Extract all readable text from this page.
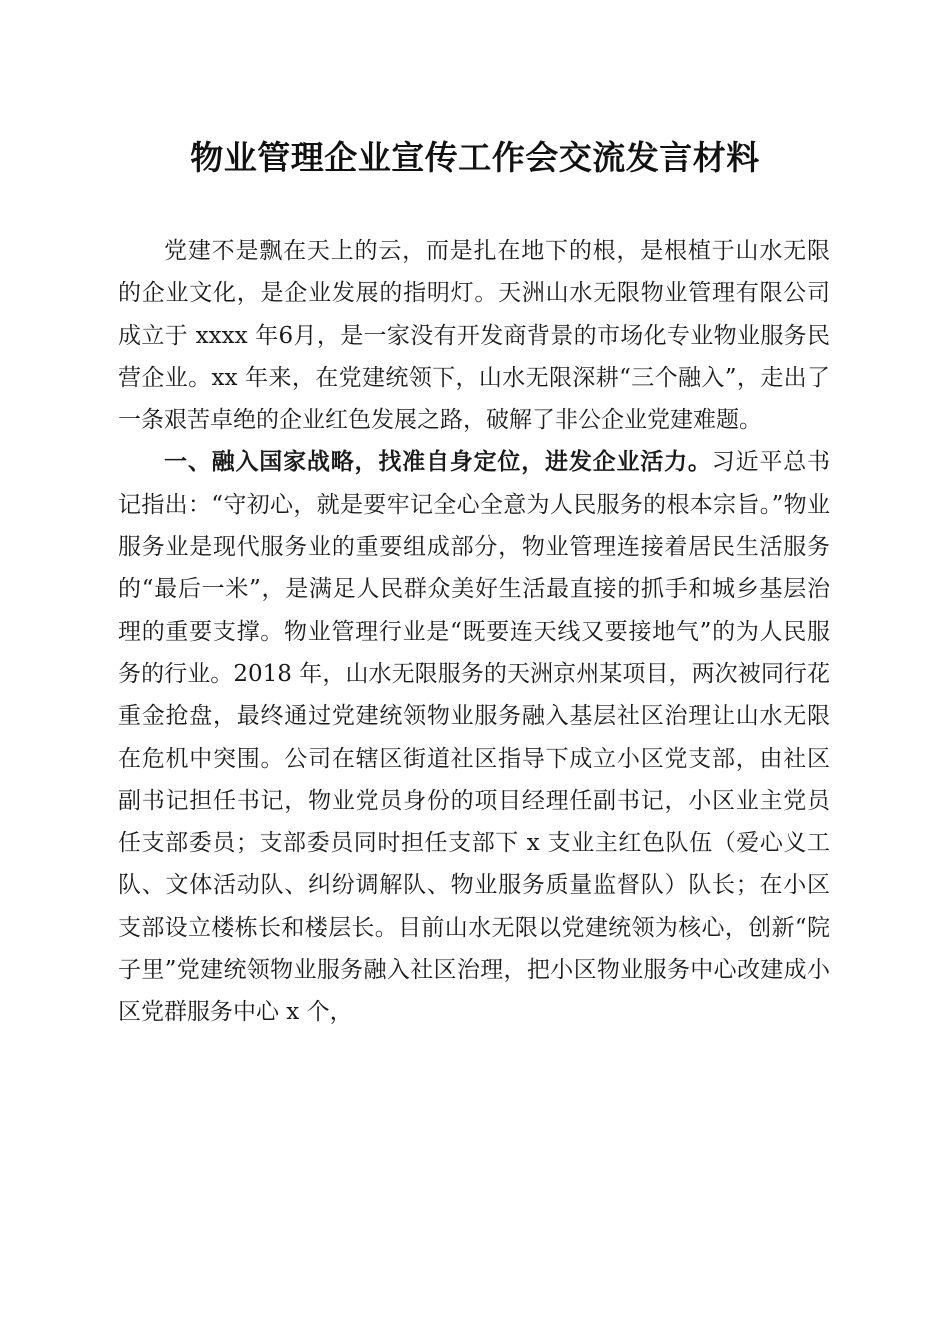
物业管理企业宣传工作会交流发言材料

党建不是飘在天上的云，而是扎在地下的根，是根植于山水无限的企业文化，是企业发展的指明灯。天洲山水无限物业管理有限公司成立于 xxxx 年6月，是一家没有开发商背景的市场化专业物业服务民营企业。xx 年来，在党建统领下，山水无限深耕“三个融入”，走出了一条艰苦卓绝的企业红色发展之路，破解了非公企业党建难题。

一、融入国家战略，找准自身定位，进发企业活力。习近平总书记指出：“守初心，就是要牢记全心全意为人民服务的根本宗旨。”物业服务业是现代服务业的重要组成部分，物业管理连接着居民生活服务的“最后一米”，是满足人民群众美好生活最直接的抓手和城乡基层治理的重要支撑。物业管理行业是“既要连天线又要接地气”的为人民服务的行业。2018 年，山水无限服务的天洲京州某项目，两次被同行花重金抢盘，最终通过党建统领物业服务融入基层社区治理让山水无限在危机中突围。公司在辖区街道社区指导下成立小区党支部，由社区副书记担任书记，物业党员身份的项目经理任副书记，小区业主党员任支部委员；支部委员同时担任支部下 x 支业主红色队伍（爱心义工队、文体活动队、纠纷调解队、物业服务质量监督队）队长；在小区支部设立楼栋长和楼层长。目前山水无限以党建统领为核心，创新“院子里”党建统领物业服务融入社区治理，把小区物业服务中心改建成小区党群服务中心 x 个，
